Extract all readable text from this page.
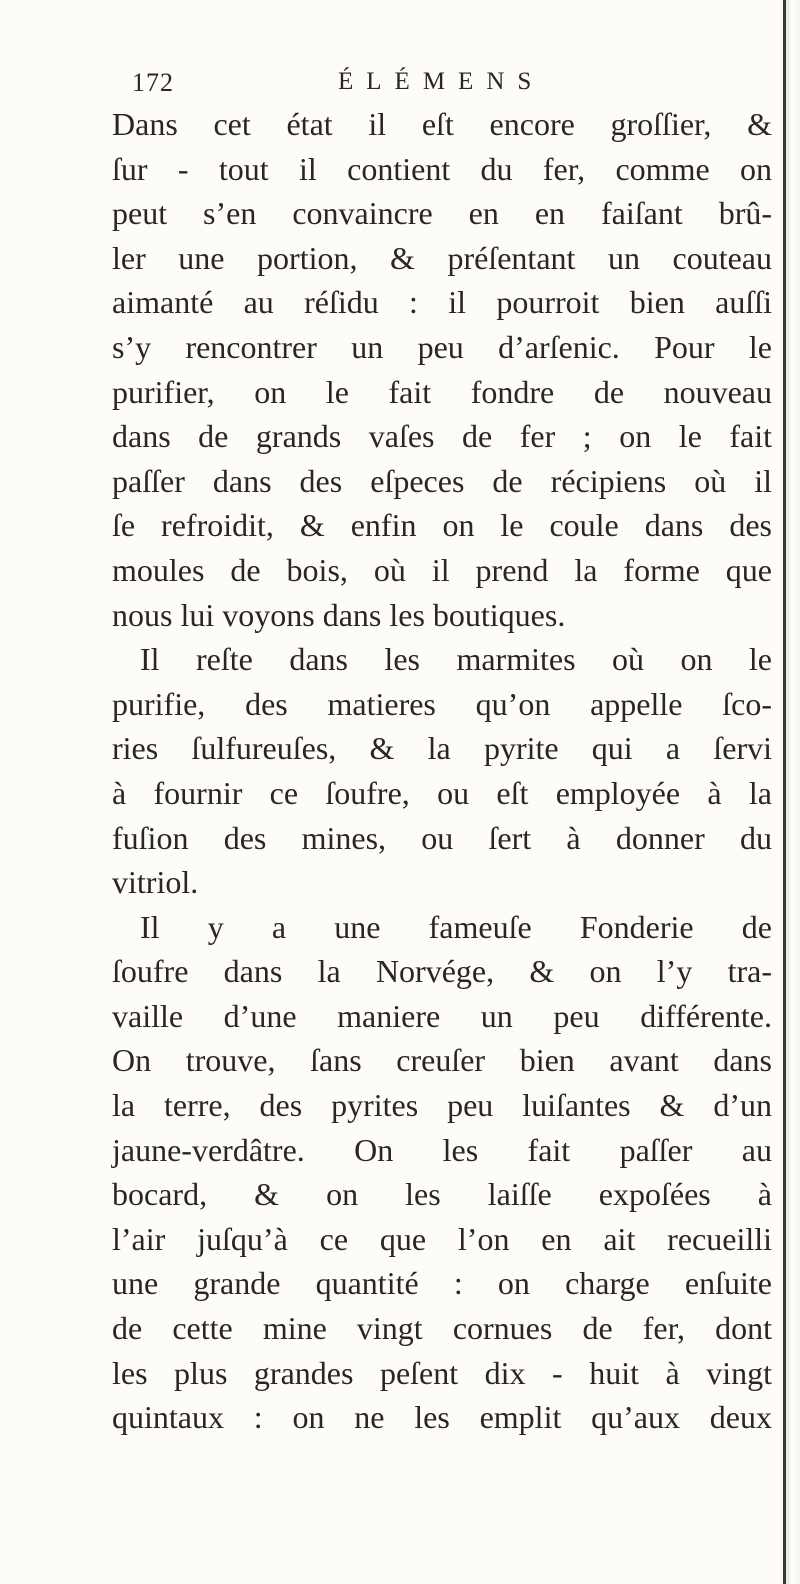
172	ÉLÉMENS
Dans cet état il eſt encore groſſier, &
ſur - tout il contient du fer, comme on
peut s’en convaincre en en faiſant brû-
ler une portion, & préſentant un couteau
aimanté au réſidu : il pourroit bien auſſi
s’y rencontrer un peu d’arſenic. Pour le
purifier, on le fait fondre de nouveau
dans de grands vaſes de fer ; on le fait
paſſer dans des eſpeces de récipiens où il
ſe refroidit, & enfin on le coule dans des
moules de bois, où il prend la forme que
nous lui voyons dans les boutiques.
Il reſte dans les marmites où on le
purifie, des matieres qu’on appelle ſco-
ries ſulfureuſes, & la pyrite qui a ſervi
à fournir ce ſoufre, ou eſt employée à la
fuſion des mines, ou ſert à donner du
vitriol.
Il y a une fameuſe Fonderie de
ſoufre dans la Norvége, & on l’y tra-
vaille d’une maniere un peu différente.
On trouve, ſans creuſer bien avant dans
la terre, des pyrites peu luiſantes & d’un
jaune-verdâtre. On les fait paſſer au
bocard, & on les laiſſe expoſées à
l’air juſqu’à ce que l’on en ait recueilli
une grande quantité : on charge enſuite
de cette mine vingt cornues de fer, dont
les plus grandes peſent dix - huit à vingt
quintaux : on ne les emplit qu’aux deux
